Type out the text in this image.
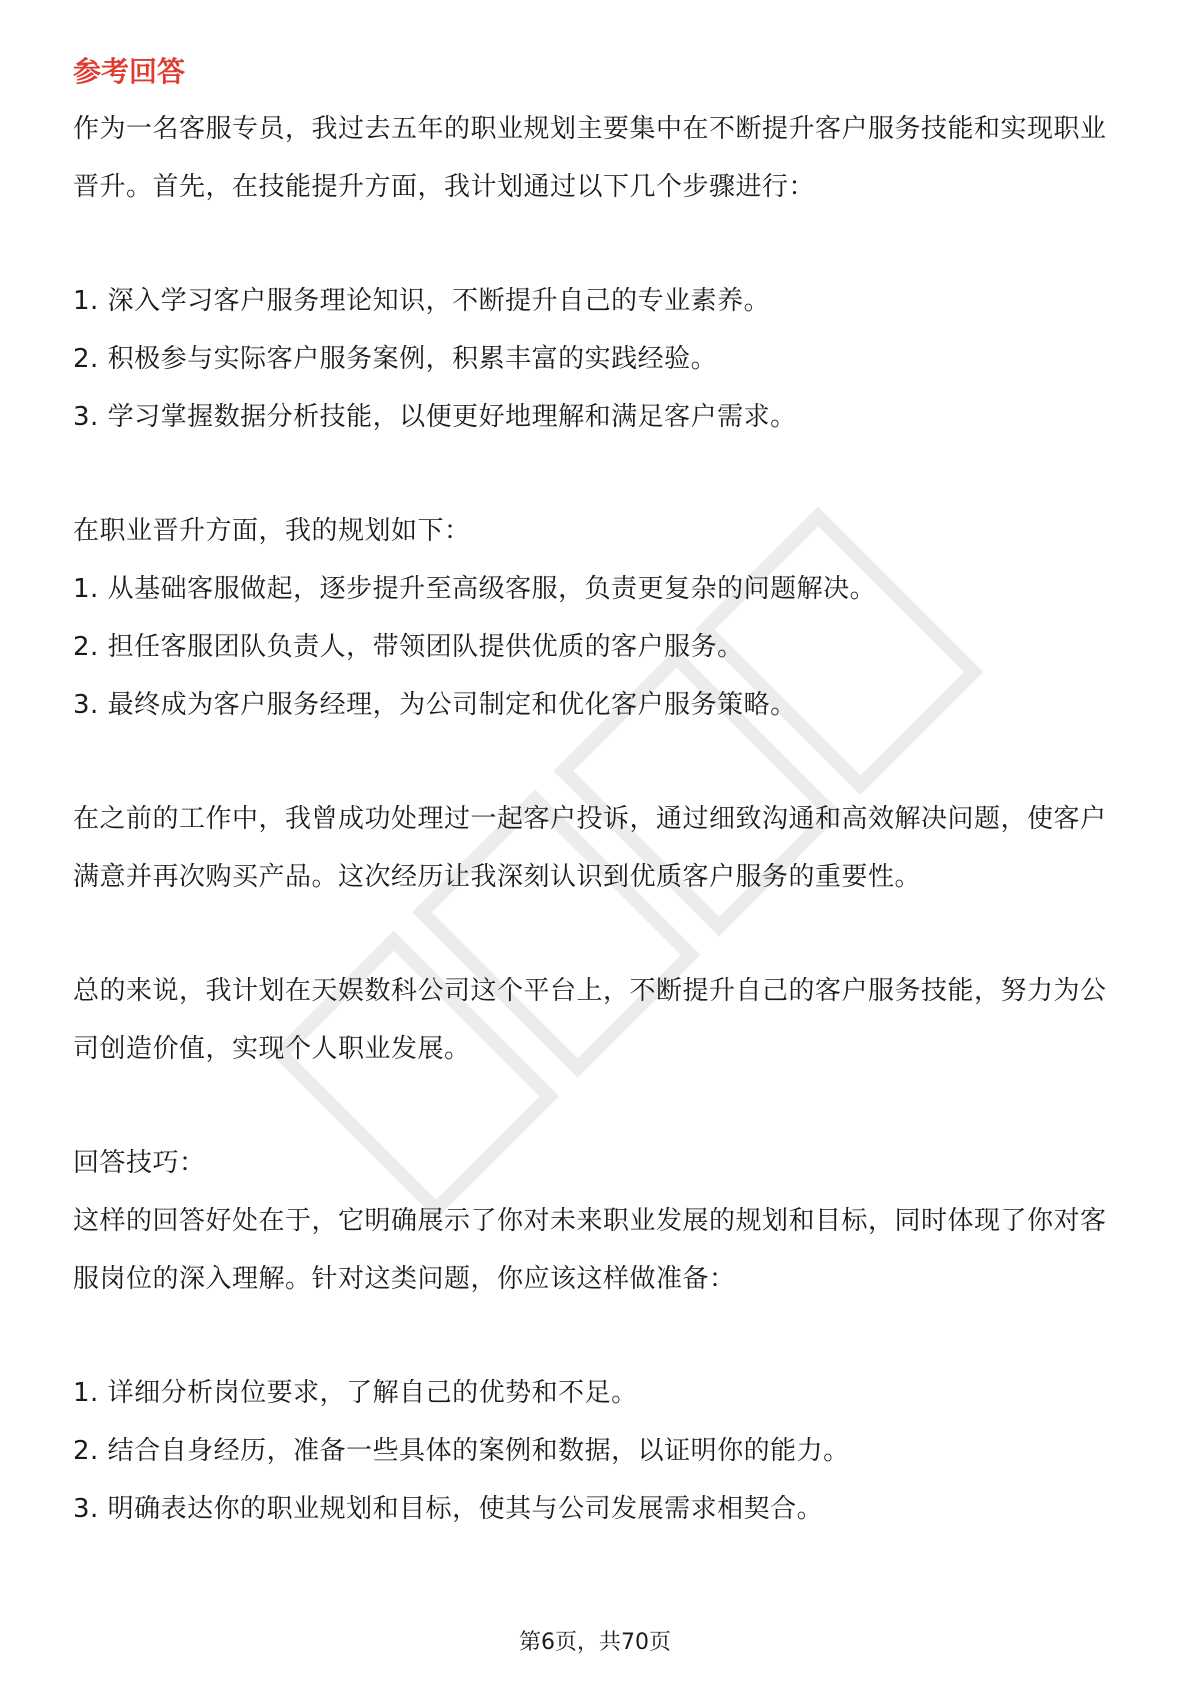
参考回答

作为一名客服专员，我过去五年的职业规划主要集中在不断提升客户服务技能和实现职业晋升。首先，在技能提升方面，我计划通过以下几个步骤进行：

1. 深入学习客户服务理论知识，不断提升自己的专业素养。

2. 积极参与实际客户服务案例，积累丰富的实践经验。

3. 学习掌握数据分析技能，以便更好地理解和满足客户需求。

在职业晋升方面，我的规划如下：

1. 从基础客服做起，逐步提升至高级客服，负责更复杂的问题解决。

2. 担任客服团队负责人，带领团队提供优质的客户服务。

3. 最终成为客户服务经理，为公司制定和优化客户服务策略。

在之前的工作中，我曾成功处理过一起客户投诉，通过细致沟通和高效解决问题，使客户满意并再次购买产品。这次经历让我深刻认识到优质客户服务的重要性。

总的来说，我计划在天娱数科公司这个平台上，不断提升自己的客户服务技能，努力为公司创造价值，实现个人职业发展。

回答技巧：

这样的回答好处在于，它明确展示了你对未来职业发展的规划和目标，同时体现了你对客服岗位的深入理解。针对这类问题，你应该这样做准备：

1. 详细分析岗位要求，了解自己的优势和不足。

2. 结合自身经历，准备一些具体的案例和数据，以证明你的能力。

3. 明确表达你的职业规划和目标，使其与公司发展需求相契合。

第6页，共70页
